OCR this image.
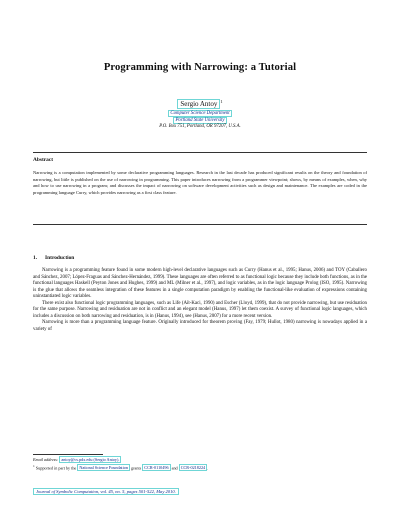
Programming with Narrowing: a Tutorial
Sergio Antoy $^1$
Computer Science Department
Portland State University
P.O. Box 751, Portland, OR 97207, U.S.A.
Abstract
Narrowing is a computation implemented by some declarative programming languages. Research in the last decade has produced significant results on the theory and foundation of narrowing, but little is published on the use of narrowing in programming. This paper introduces narrowing from a programmer viewpoint; shows, by means of examples, when, why and how to use narrowing in a program; and discusses the impact of narrowing on software development activities such as design and maintenance. The examples are coded in the programming language Curry, which provides narrowing as a first class feature.
1. Introduction

Narrowing is a programming feature found in some modern high-level declarative languages such as Curry (Hanus et al., 1995; Hanus, 2006) and TOY (Caballero and Sánchez, 2007; López-Fraguas and Sánchez-Hernández, 1999). These languages are often referred to as functional logic because they include both functions, as in the functional languages Haskell (Peyton Jones and Hughes, 1999) and ML (Milner et al., 1997), and logic variables, as in the logic language Prolog (ISO, 1995). Narrowing is the glue that allows the seamless integration of these features in a single computation paradigm by enabling the functional-like evaluation of expressions containing uninstantiated logic variables.

There exist also functional logic programming languages, such as Life (Aït-Kaci, 1990) and Escher (Lloyd, 1999), that do not provide narrowing, but use residuation for the same purpose. Narrowing and residuation are not in conflict and an elegant model (Hanus, 1997) let them coexist. A survey of functional logic languages, which includes a discussion on both narrowing and residuation, is in (Hanus, 1994), see (Hanus, 2007) for a more recent version.

Narrowing is more than a programming language feature. Originally introduced for theorem proving (Fay, 1979; Hullot, 1980) narrowing is nowadays applied in a variety of

Email address: antoy@cs.pdx.edu (Sergio Antoy).
$^1$ Supported in part by the National Science Foundation grants CCR-0110496 and CCR-0218224 .
Journal of Symbolic Computation, vol. 45, no. 5, pages 501-522, May 2010.
